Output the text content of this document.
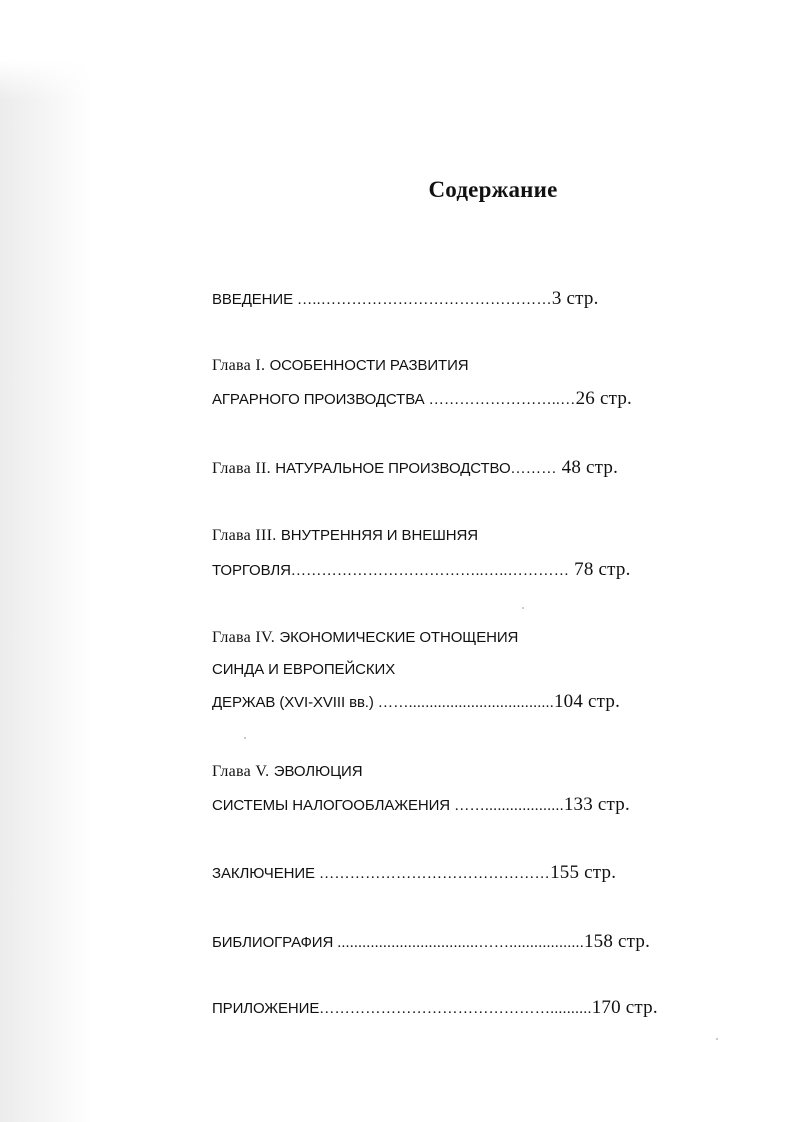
Содержание
ВВЕДЕНИЕ …..………………………………………3 стр.
Глава I. ОСОБЕННОСТИ РАЗВИТИЯ
АГРАРНОГО ПРОИЗВОДСТВА ……………………..…26 стр.
Глава II. НАТУРАЛЬНОЕ ПРОИЗВОДСТВО……… 48 стр.
Глава III. ВНУТРЕННЯЯ И ВНЕШНЯЯ
ТОРГОВЛЯ………………………………..…..………… 78 стр.
Глава IV. ЭКОНОМИЧЕСКИЕ ОТНОЩЕНИЯ
СИНДА И ЕВРОПЕЙСКИХ
ДЕРЖАВ (XVI-XVIII вв.) ……...................................104 стр.
Глава V. ЭВОЛЮЦИЯ
СИСТЕМЫ НАЛОГООБЛАЖЕНИЯ ……...................133 стр.
ЗАКЛЮЧЕНИЕ ………………………………………155 стр.
БИБЛИОГРАФИЯ ..................................……..................158 стр.
ПРИЛОЖЕНИЕ………………………………………..........170 стр.
